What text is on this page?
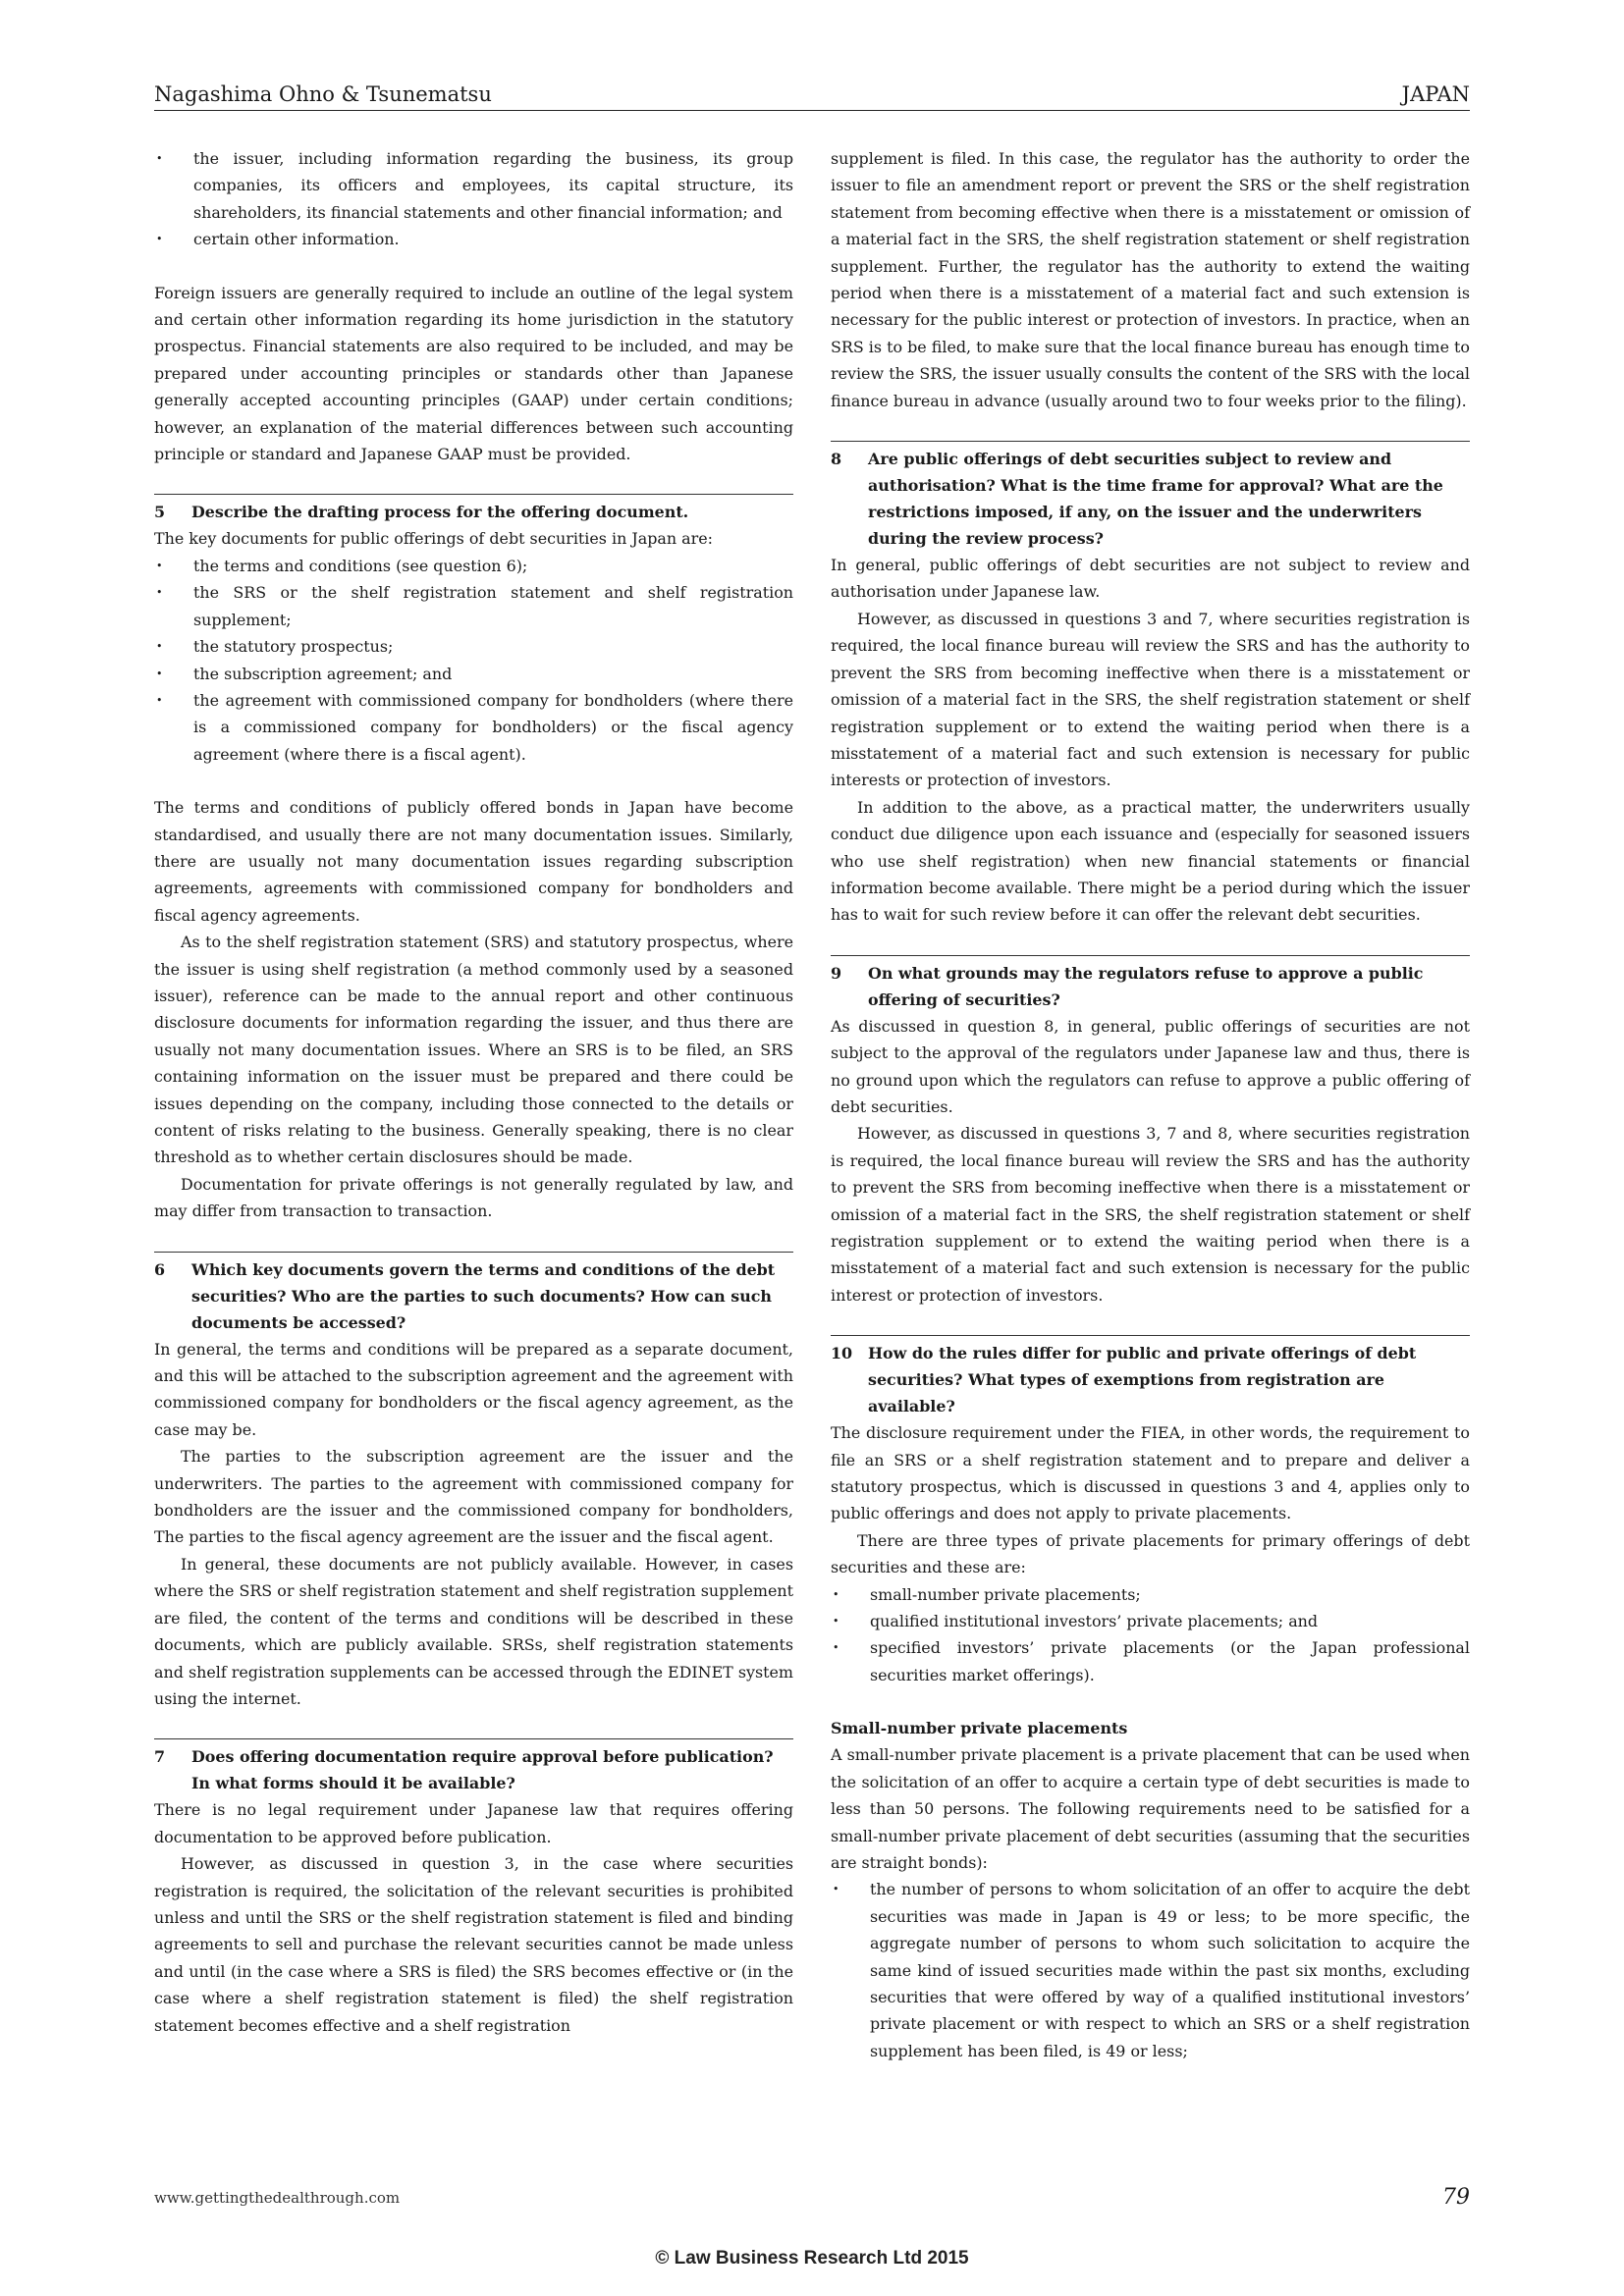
Nagashima Ohno & Tsunematsu	JAPAN
• the issuer, including information regarding the business, its group companies, its officers and employees, its capital structure, its shareholders, its financial statements and other financial information; and
• certain other information.

Foreign issuers are generally required to include an outline of the legal system and certain other information regarding its home jurisdiction in the statutory prospectus. Financial statements are also required to be included, and may be prepared under accounting principles or standards other than Japanese generally accepted accounting principles (GAAP) under certain conditions; however, an explanation of the material differences between such accounting principle or standard and Japanese GAAP must be provided.

5	Describe the drafting process for the offering document.

The key documents for public offerings of debt securities in Japan are:

• the terms and conditions (see question 6);
• the SRS or the shelf registration statement and shelf registration supplement;
• the statutory prospectus;
• the subscription agreement; and
• the agreement with commissioned company for bondholders (where there is a commissioned company for bondholders) or the fiscal agency agreement (where there is a fiscal agent).

The terms and conditions of publicly offered bonds in Japan have become standardised, and usually there are not many documentation issues. Similarly, there are usually not many documentation issues regarding subscription agreements, agreements with commissioned company for bondholders and fiscal agency agreements.

As to the shelf registration statement (SRS) and statutory prospectus, where the issuer is using shelf registration (a method commonly used by a seasoned issuer), reference can be made to the annual report and other continuous disclosure documents for information regarding the issuer, and thus there are usually not many documentation issues. Where an SRS is to be filed, an SRS containing information on the issuer must be prepared and there could be issues depending on the company, including those connected to the details or content of risks relating to the business. Generally speaking, there is no clear threshold as to whether certain disclosures should be made.

Documentation for private offerings is not generally regulated by law, and may differ from transaction to transaction.

6	Which key documents govern the terms and conditions of the debt securities? Who are the parties to such documents? How can such documents be accessed?

In general, the terms and conditions will be prepared as a separate document, and this will be attached to the subscription agreement and the agreement with commissioned company for bondholders or the fiscal agency agreement, as the case may be.

The parties to the subscription agreement are the issuer and the underwriters. The parties to the agreement with commissioned company for bondholders are the issuer and the commissioned company for bondholders, The parties to the fiscal agency agreement are the issuer and the fiscal agent.

In general, these documents are not publicly available. However, in cases where the SRS or shelf registration statement and shelf registration supplement are filed, the content of the terms and conditions will be described in these documents, which are publicly available. SRSs, shelf registration statements and shelf registration supplements can be accessed through the EDINET system using the internet.

7	Does offering documentation require approval before publication? In what forms should it be available?

There is no legal requirement under Japanese law that requires offering documentation to be approved before publication.

However, as discussed in question 3, in the case where securities registration is required, the solicitation of the relevant securities is prohibited unless and until the SRS or the shelf registration statement is filed and binding agreements to sell and purchase the relevant securities cannot be made unless and until (in the case where a SRS is filed) the SRS becomes effective or (in the case where a shelf registration statement is filed) the shelf registration statement becomes effective and a shelf registration

supplement is filed. In this case, the regulator has the authority to order the issuer to file an amendment report or prevent the SRS or the shelf registration statement from becoming effective when there is a misstatement or omission of a material fact in the SRS, the shelf registration statement or shelf registration supplement. Further, the regulator has the authority to extend the waiting period when there is a misstatement of a material fact and such extension is necessary for the public interest or protection of investors. In practice, when an SRS is to be filed, to make sure that the local finance bureau has enough time to review the SRS, the issuer usually consults the content of the SRS with the local finance bureau in advance (usually around two to four weeks prior to the filing).

8	Are public offerings of debt securities subject to review and authorisation? What is the time frame for approval? What are the restrictions imposed, if any, on the issuer and the underwriters during the review process?

In general, public offerings of debt securities are not subject to review and authorisation under Japanese law.

However, as discussed in questions 3 and 7, where securities registration is required, the local finance bureau will review the SRS and has the authority to prevent the SRS from becoming ineffective when there is a misstatement or omission of a material fact in the SRS, the shelf registration statement or shelf registration supplement or to extend the waiting period when there is a misstatement of a material fact and such extension is necessary for public interests or protection of investors.

In addition to the above, as a practical matter, the underwriters usually conduct due diligence upon each issuance and (especially for seasoned issuers who use shelf registration) when new financial statements or financial information become available. There might be a period during which the issuer has to wait for such review before it can offer the relevant debt securities.

9	On what grounds may the regulators refuse to approve a public offering of securities?

As discussed in question 8, in general, public offerings of securities are not subject to the approval of the regulators under Japanese law and thus, there is no ground upon which the regulators can refuse to approve a public offering of debt securities.

However, as discussed in questions 3, 7 and 8, where securities registration is required, the local finance bureau will review the SRS and has the authority to prevent the SRS from becoming ineffective when there is a misstatement or omission of a material fact in the SRS, the shelf registration statement or shelf registration supplement or to extend the waiting period when there is a misstatement of a material fact and such extension is necessary for the public interest or protection of investors.

10 How do the rules differ for public and private offerings of debt securities? What types of exemptions from registration are available?

The disclosure requirement under the FIEA, in other words, the requirement to file an SRS or a shelf registration statement and to prepare and deliver a statutory prospectus, which is discussed in questions 3 and 4, applies only to public offerings and does not apply to private placements.

There are three types of private placements for primary offerings of debt securities and these are:

• small-number private placements;
• qualified institutional investors’ private placements; and
• specified investors’ private placements (or the Japan professional securities market offerings).
Small-number private placements

A small-number private placement is a private placement that can be used when the solicitation of an offer to acquire a certain type of debt securities is made to less than 50 persons. The following requirements need to be satisfied for a small-number private placement of debt securities (assuming that the securities are straight bonds):

• the number of persons to whom solicitation of an offer to acquire the debt securities was made in Japan is 49 or less; to be more specific, the aggregate number of persons to whom such solicitation to acquire the same kind of issued securities made within the past six months, excluding securities that were offered by way of a qualified institutional investors’ private placement or with respect to which an SRS or a shelf registration supplement has been filed, is 49 or less;
www.gettingthedealthrough.com	79
© Law Business Research Ltd 2015
